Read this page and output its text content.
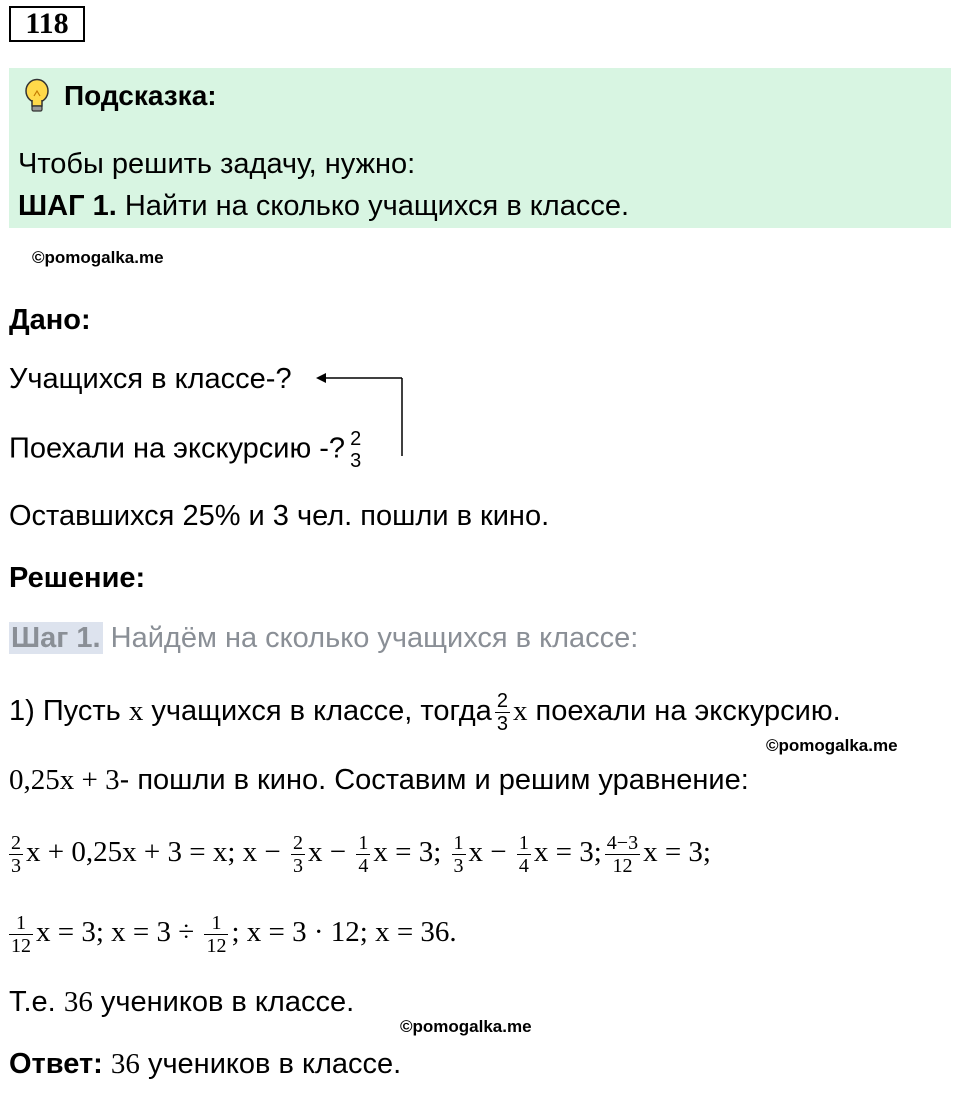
118
Подсказка:
Чтобы решить задачу, нужно:
ШАГ 1. Найти на сколько учащихся в классе.
©pomogalka.me
Дано:
Учащихся в классе-?
Поехали на экскурсию -? 2
3
Оставшихся 25% и 3 чел. пошли в кино.
Решение:
Шаг 1. Найдём на сколько учащихся в классе:
1) Пусть x учащихся в классе, тогда $\frac{2}{3}$ x поехали на экскурсию.
©pomogalka.me
0,25x + 3- пошли в кино. Составим и решим уравнение:
$\frac{2}{3}$ x + 0,25x + 3 = x; $x - \frac{2}{3}$ $x - \frac{1}{4}$ x = 3; $\frac{1}{3}$ $x - \frac{1}{4}$ x = 3; $\frac{4-3}{12}$ x = 3;
$\frac{1}{12}$ x = 3; $x = 3 \div \frac{1}{12}$ ; x = 3 · 12; x = 36.
Т.е. 36 учеников в классе.
©pomogalka.me
Ответ: 36 учеников в классе.
